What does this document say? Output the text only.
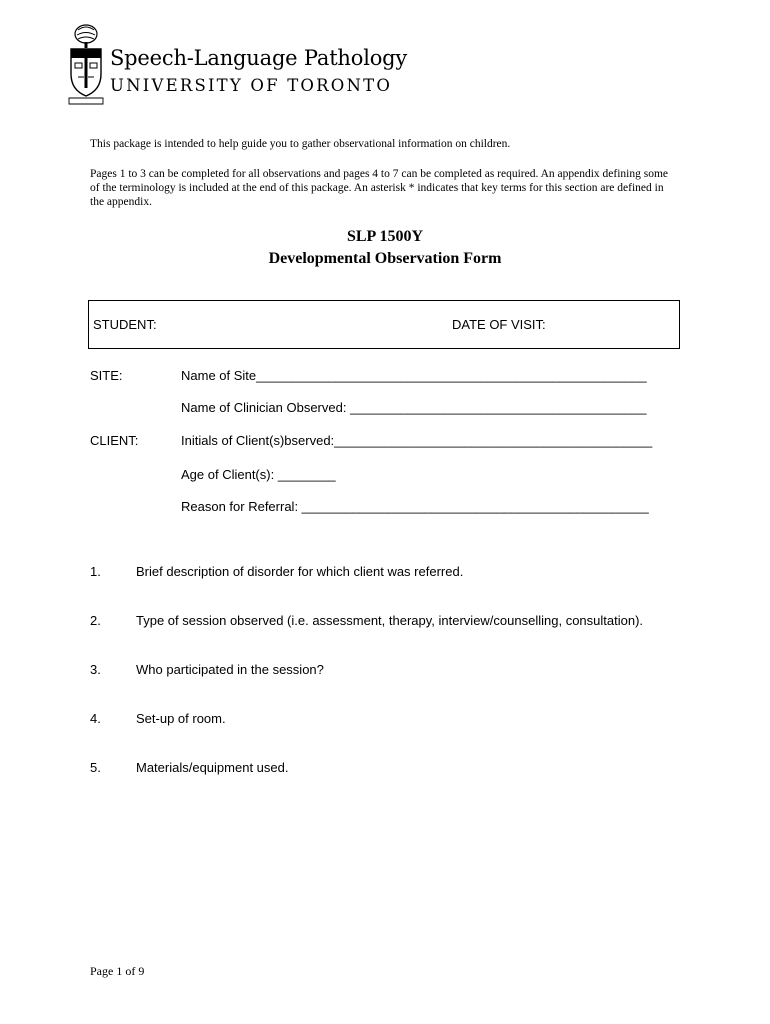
Speech-Language Pathology
UNIVERSITY OF TORONTO
This package is intended to help guide you to gather observational information on children.
Pages 1 to 3 can be completed for all observations and pages 4 to 7 can be completed as required. An appendix defining some of the terminology is included at the end of this package. An asterisk * indicates that key terms for this section are defined in the appendix.
SLP 1500Y
Developmental Observation Form
STUDENT:	DATE OF VISIT:
SITE:	Name of Site______________________________________________________
Name of Clinician Observed: _________________________________________
CLIENT:	Initials of Client(s)bserved:____________________________________________
Age of Client(s): ________
Reason for Referral: ________________________________________________
1.	Brief description of disorder for which client was referred.
2.	Type of session observed (i.e. assessment, therapy, interview/counselling, consultation).
3.	Who participated in the session?
4.	Set-up of room.
5.	Materials/equipment used.
Page 1 of 9
